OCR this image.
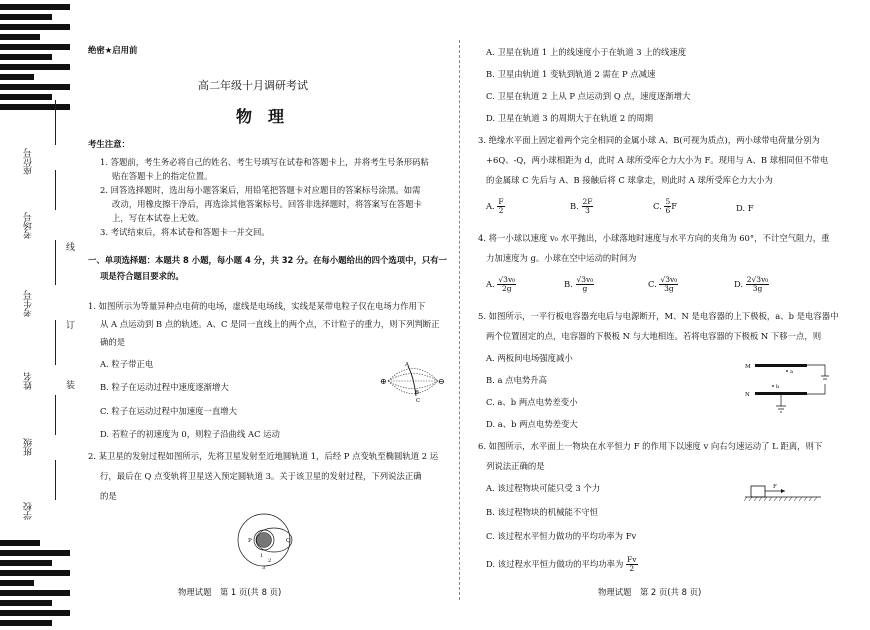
座位号
考场号
考生号
姓名
班级
学校
线
订
装
绝密★启用前
高二年级十月调研考试
物　理
考生注意：
1. 答题前，考生务必将自己的姓名、考生号填写在试卷和答题卡上，并将考生号条形码粘
贴在答题卡上的指定位置。
2. 回答选择题时，选出每小题答案后，用铅笔把答题卡对应题目的答案标号涂黑。如需
改动，用橡皮擦干净后，再选涂其他答案标号。回答非选择题时，将答案写在答题卡
上，写在本试卷上无效。
3. 考试结束后，将本试卷和答题卡一并交回。
一、单项选择题：本题共 8 小题，每小题 4 分，共 32 分。在每小题给出的四个选项中，只有一
项是符合题目要求的。
1. 如图所示为等量异种点电荷的电场，虚线是电场线，实线是某带电粒子仅在电场力作用下
从 A 点运动到 B 点的轨迹。A、C 是同一直线上的两个点，不计粒子的重力，则下列判断正
确的是
A. 粒子带正电
B. 粒子在运动过程中速度逐渐增大
C. 粒子在运动过程中加速度一直增大
D. 若粒子的初速度为 0，则粒子沿曲线 AC 运动
⊕	⊖
A
B
C
2. 某卫星的发射过程如图所示，先将卫星发射至近地圆轨道 1，后经 P 点变轨至椭圆轨道 2 运
行，最后在 Q 点变轨将卫星送入预定圆轨道 3。关于该卫星的发射过程，下列说法正确
的是
P	Q
1
2
3
物理试题　第 1 页(共 8 页)
A. 卫星在轨道 1 上的线速度小于在轨道 3 上的线速度
B. 卫星由轨道 1 变轨到轨道 2 需在 P 点减速
C. 卫星在轨道 2 上从 P 点运动到 Q 点，速度逐渐增大
D. 卫星在轨道 3 的周期大于在轨道 2 的周期
3. 绝缘水平面上固定着两个完全相同的金属小球 A、B(可视为质点)，两小球带电荷量分别为
+6Q、-Q，两小球相距为 d，此时 A 球所受库仑力大小为 F。现用与 A、B 球相同但不带电
的金属球 C 先后与 A、B 接触后将 C 球拿走，则此时 A 球所受库仑力大小为
A. $\frac{F}{2}$	B. $\frac{2F}{3}$	C. $\frac{5}{6}$ F	D. F
4. 将一小球以速度 v₀ 水平抛出，小球落地时速度与水平方向的夹角为 60°，不计空气阻力，重
力加速度为 g。小球在空中运动的时间为
A. $\frac{\text{√3v₀}}{2g}$	B. $\frac{\text{√3v₀}}{g}$	C. $\frac{\text{√3v₀}}{3g}$	D. $\frac{\text{2√3v₀}}{3g}$
5. 如图所示，一平行板电容器充电后与电源断开，M、N 是电容器的上下极板，a、b 是电容器中
两个位置固定的点，电容器的下极板 N 与大地相连。若将电容器的下极板 N 下移一点，则
A. 两板间电场强度减小
B. a 点电势升高
C. a、b 两点电势差变小
D. a、b 两点电势差变大
M
N
a
b
6. 如图所示，水平面上一物块在水平恒力 F 的作用下以速度 v 向右匀速运动了 L 距离，则下
列说法正确的是
A. 该过程物块可能只受 3 个力
B. 该过程物块的机械能不守恒
C. 该过程水平恒力做功的平均功率为 Fv
D. 该过程水平恒力做功的平均功率为 $\frac{Fv}{2}$
F
物理试题　第 2 页(共 8 页)
